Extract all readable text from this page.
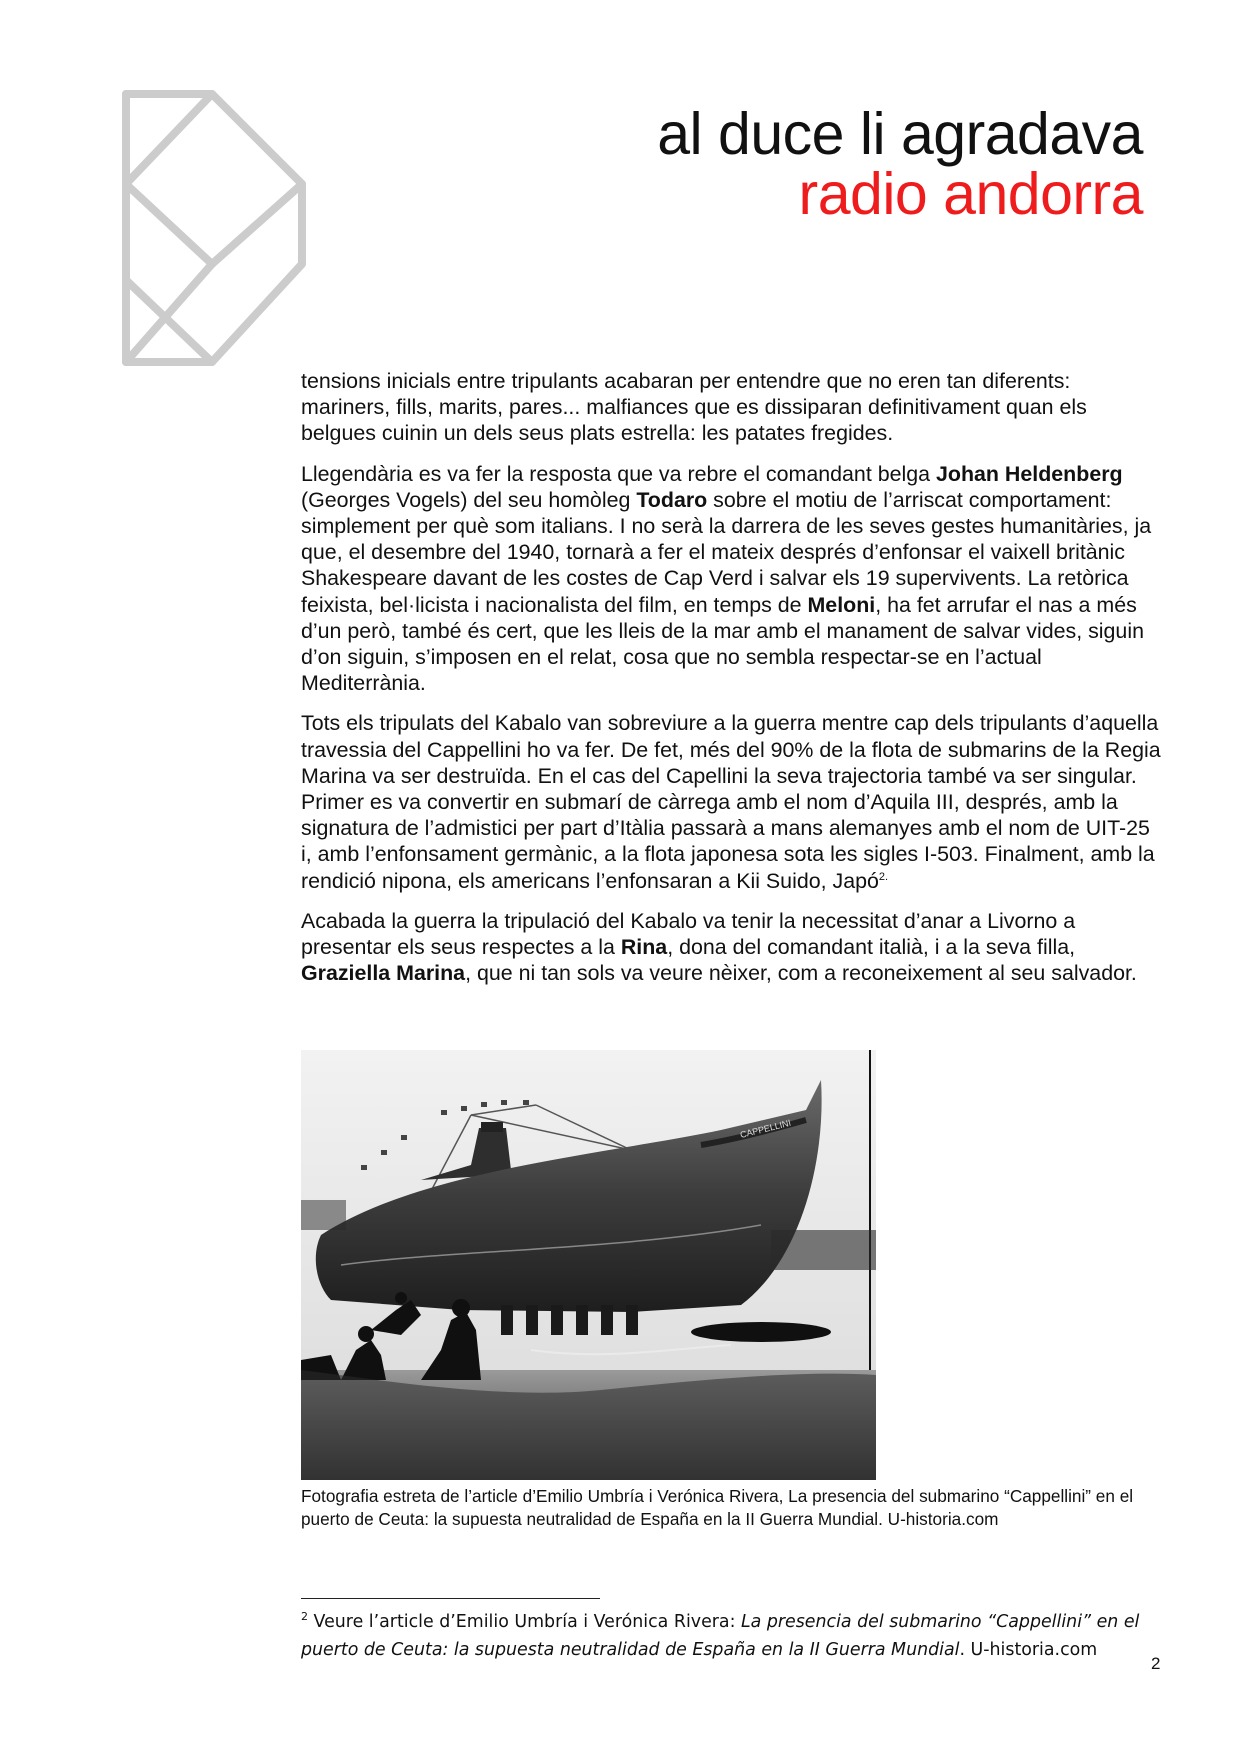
al duce li agradava
radio andorra

tensions inicials entre tripulants acabaran per entendre que no eren tan diferents: mariners, fills, marits, pares... malfiances que es dissiparan definitivament quan els belgues cuinin un dels seus plats estrella: les patates fregides.

Llegendària es va fer la resposta que va rebre el comandant belga Johan Heldenberg (Georges Vogels) del seu homòleg Todaro sobre el motiu de l’arriscat comportament: simplement per què som italians. I no serà la darrera de les seves gestes humanitàries, ja que, el desembre del 1940, tornarà a fer el mateix després d’enfonsar el vaixell britànic Shakespeare davant de les costes de Cap Verd i salvar els 19 supervivents. La retòrica feixista, bel·licista i nacionalista del film, en temps de Meloni, ha fet arrufar el nas a més d’un però, també és cert, que les lleis de la mar amb el manament de salvar vides, siguin d’on siguin, s’imposen en el relat, cosa que no sembla respectar-se en l’actual Mediterrània.

Tots els tripulats del Kabalo van sobreviure a la guerra mentre cap dels tripulants d’aquella travessia del Cappellini ho va fer. De fet, més del 90% de la flota de submarins de la Regia Marina va ser destruïda. En el cas del Capellini la seva trajectoria també va ser singular. Primer es va convertir en submarí de càrrega amb el nom d’Aquila III, després, amb la signatura de l’admistici per part d’Itàlia passarà a mans alemanyes amb el nom de UIT-25 i, amb l’enfonsament germànic, a la flota japonesa sota les sigles I-503. Finalment, amb la rendició nipona, els americans l’enfonsaran a Kii Suido, Japó$^{2.}$

Acabada la guerra la tripulació del Kabalo va tenir la necessitat d’anar a Livorno a presentar els seus respectes a la Rina, dona del comandant italià, i a la seva filla, Graziella Marina, que ni tan sols va veure nèixer, com a reconeixement al seu salvador.

CAPPELLINI
Fotografia estreta de l’article d’Emilio Umbría i Verónica Rivera, La presencia del submarino “Cappellini” en el puerto de Ceuta: la supuesta neutralidad de España en la II Guerra Mundial. U-historia.com
$^2$ Veure l’article d’Emilio Umbría i Verónica Rivera: La presencia del submarino “Cappellini” en el puerto de Ceuta: la supuesta neutralidad de España en la II Guerra Mundial. U-historia.com
2
